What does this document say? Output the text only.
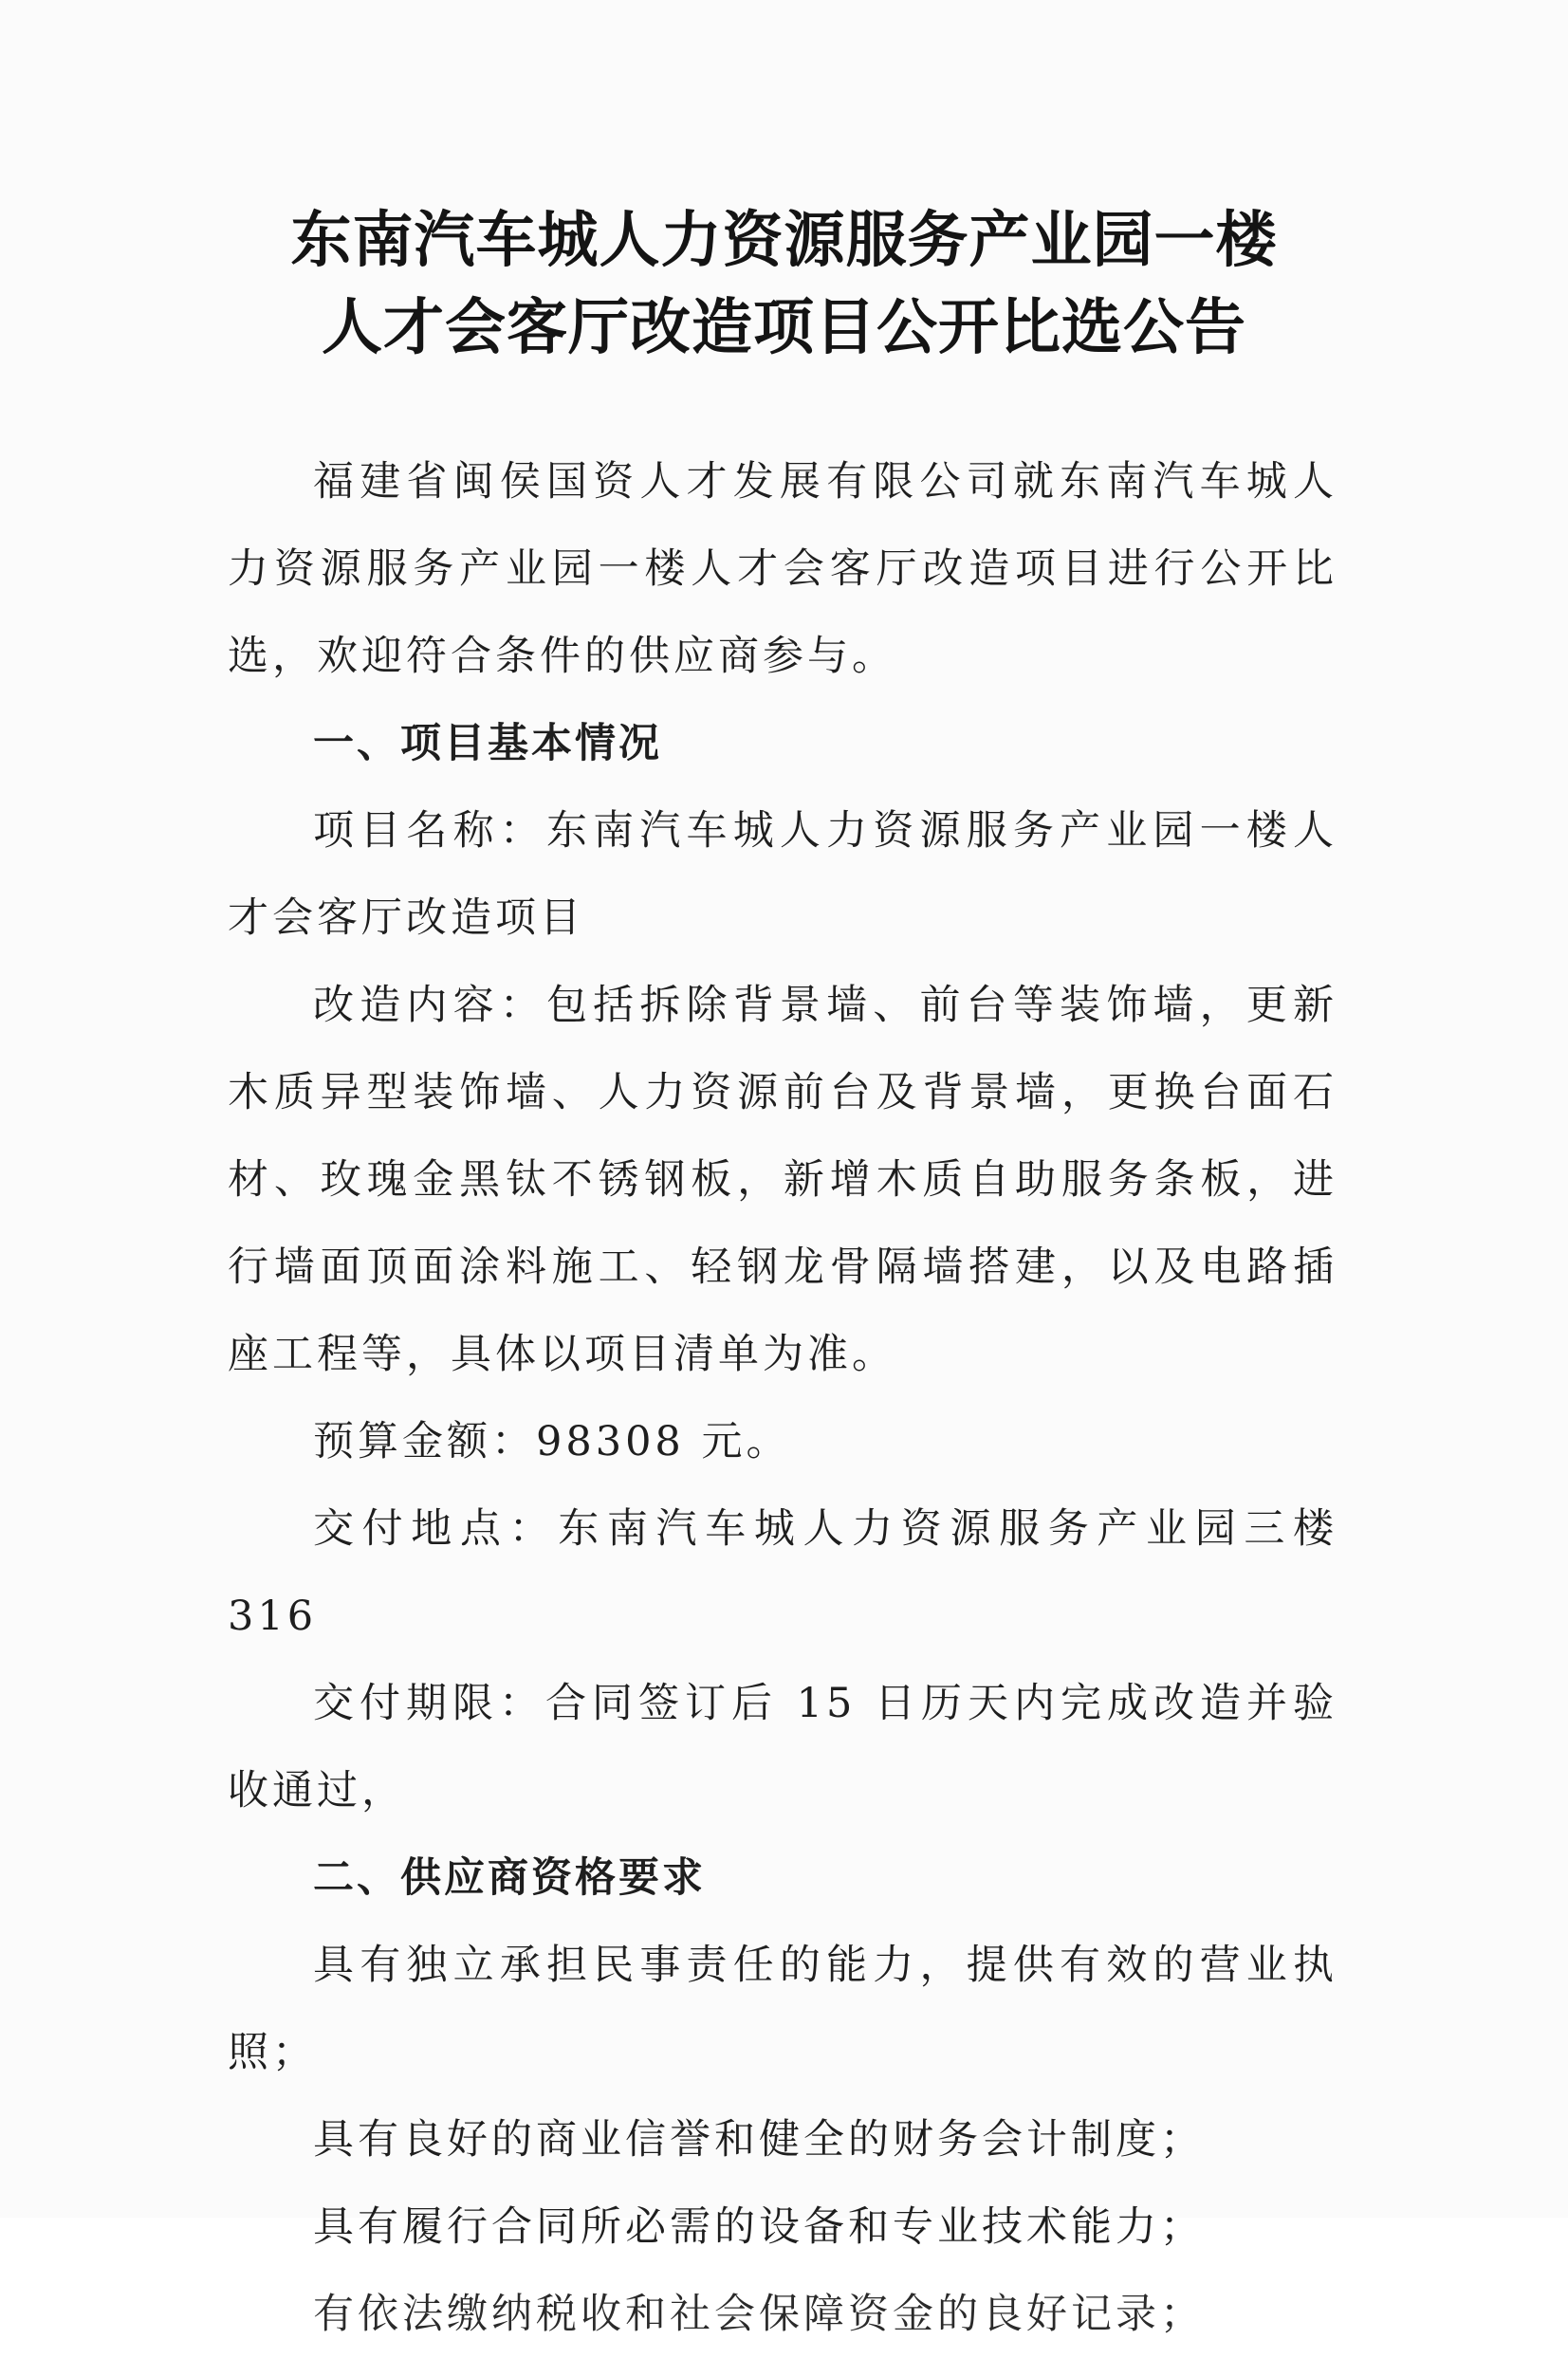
东南汽车城人力资源服务产业园一楼
人才会客厅改造项目公开比选公告

福建省闽侯国资人才发展有限公司就东南汽车城人力资源服务产业园一楼人才会客厅改造项目进行公开比选，欢迎符合条件的供应商参与。

一、项目基本情况

项目名称：东南汽车城人力资源服务产业园一楼人才会客厅改造项目

改造内容：包括拆除背景墙、前台等装饰墙，更新木质异型装饰墙、人力资源前台及背景墙，更换台面石材、玫瑰金黑钛不锈钢板，新增木质自助服务条板，进行墙面顶面涂料施工、轻钢龙骨隔墙搭建，以及电路插座工程等，具体以项目清单为准。

预算金额：98308 元。

交付地点：东南汽车城人力资源服务产业园三楼 316

交付期限：合同签订后 15 日历天内完成改造并验收通过，

二、供应商资格要求

具有独立承担民事责任的能力，提供有效的营业执照；

具有良好的商业信誉和健全的财务会计制度；

具有履行合同所必需的设备和专业技术能力；

有依法缴纳税收和社会保障资金的良好记录；
